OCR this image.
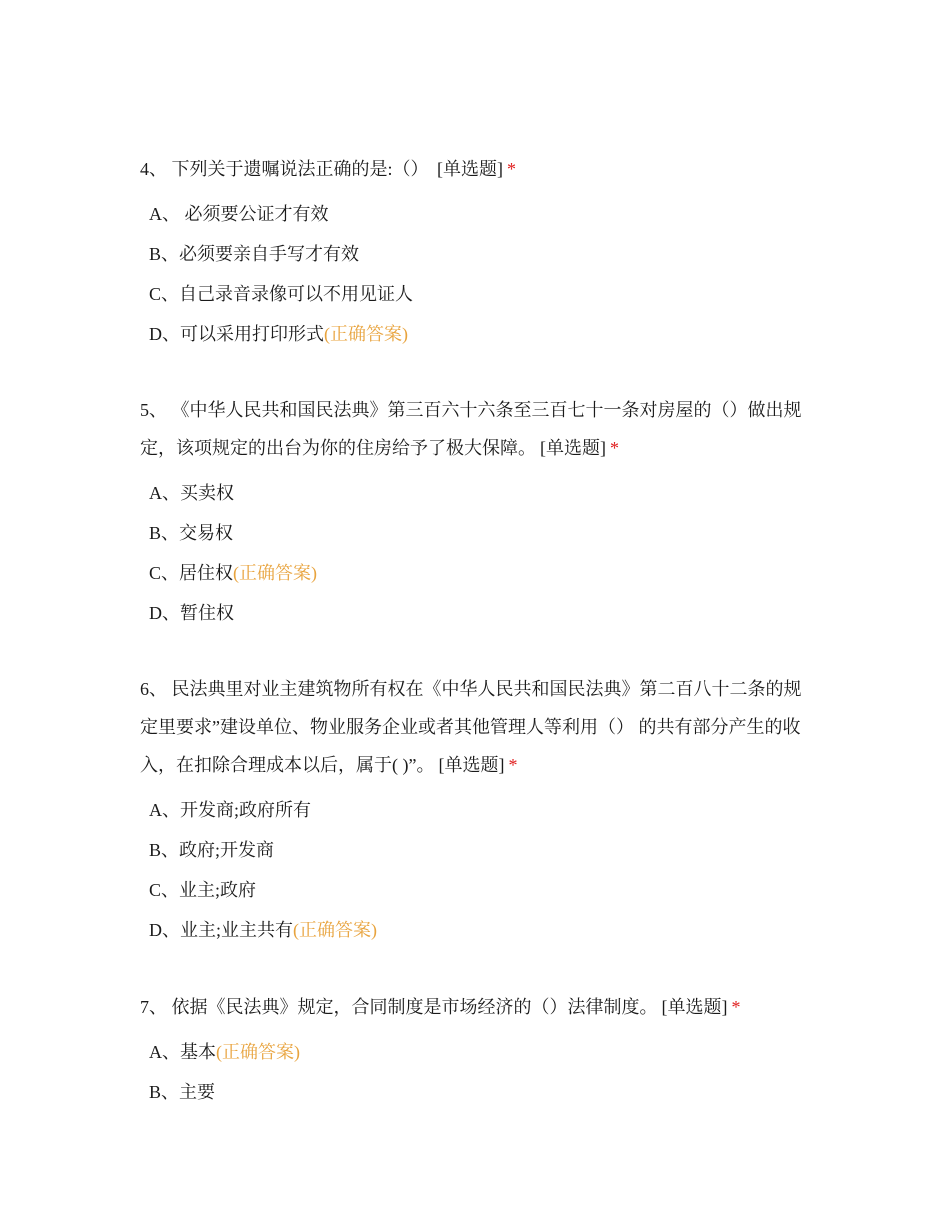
4、 下列关于遗嘱说法正确的是:（） [单选题] *

A、 必须要公证才有效
B、必须要亲自手写才有效
C、自己录音录像可以不用见证人
D、可以采用打印形式(正确答案)

5、 《中华人民共和国民法典》第三百六十六条至三百七十一条对房屋的（）做出规定，该项规定的出台为你的住房给予了极大保障。 [单选题] *

A、买卖权
B、交易权
C、居住权(正确答案)
D、暂住权

6、 民法典里对业主建筑物所有权在《中华人民共和国民法典》第二百八十二条的规定里要求”建设单位、物业服务企业或者其他管理人等利用（） 的共有部分产生的收入，在扣除合理成本以后，属于( )”。 [单选题] *

A、开发商;政府所有
B、政府;开发商
C、业主;政府
D、业主;业主共有(正确答案)

7、 依据《民法典》规定，合同制度是市场经济的（）法律制度。 [单选题] *

A、基本(正确答案)
B、主要
